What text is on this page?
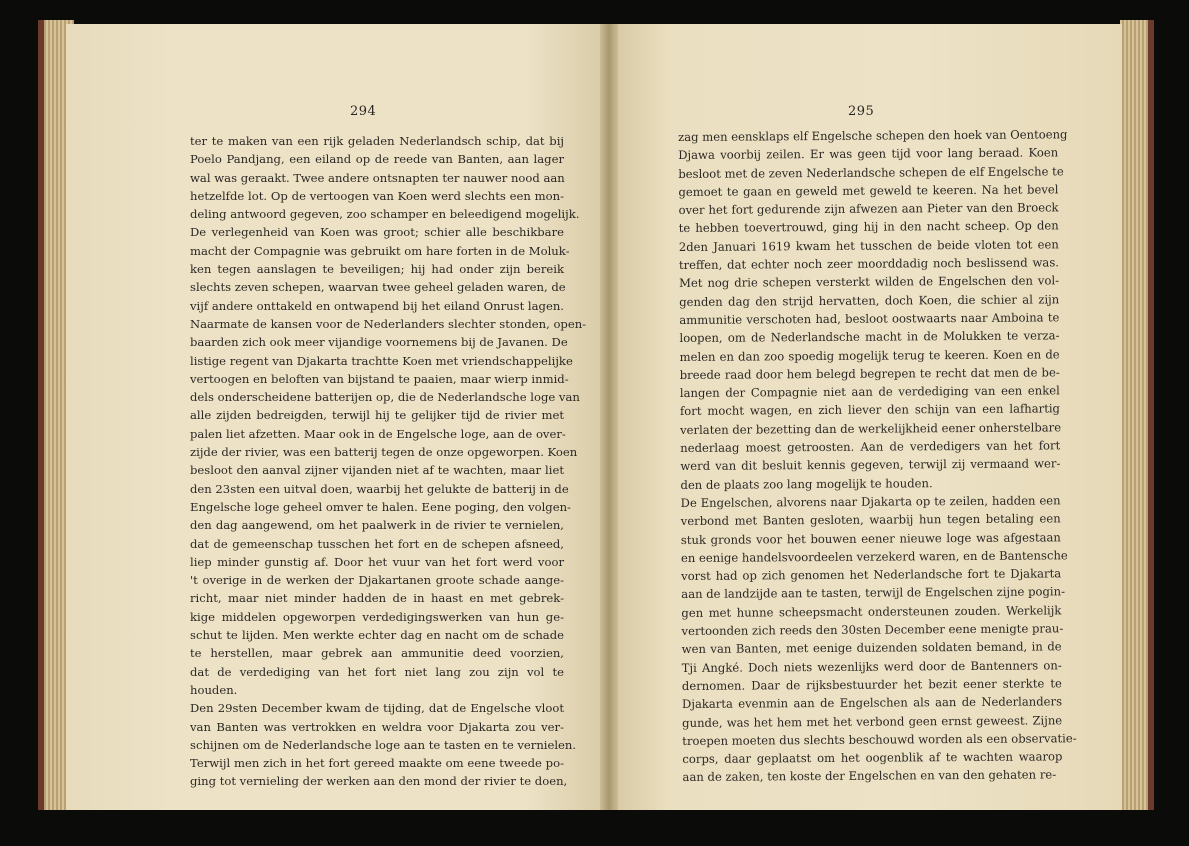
294
ter te maken van een rijk geladen Nederlandsch schip, dat bij
Poelo Pandjang, een eiland op de reede van Banten, aan lager
wal was geraakt. Twee andere ontsnapten ter nauwer nood aan
hetzelfde lot. Op de vertoogen van Koen werd slechts een mon-
deling antwoord gegeven, zoo schamper en beleedigend mogelijk.
De verlegenheid van Koen was groot; schier alle beschikbare
macht der Compagnie was gebruikt om hare forten in de Moluk-
ken tegen aanslagen te beveiligen; hij had onder zijn bereik
slechts zeven schepen, waarvan twee geheel geladen waren, de
vijf andere onttakeld en ontwapend bij het eiland Onrust lagen.
Naarmate de kansen voor de Nederlanders slechter stonden, open-
baarden zich ook meer vijandige voornemens bij de Javanen. De
listige regent van Djakarta trachtte Koen met vriendschappelijke
vertoogen en beloften van bijstand te paaien, maar wierp inmid-
dels onderscheidene batterijen op, die de Nederlandsche loge van
alle zijden bedreigden, terwijl hij te gelijker tijd de rivier met
palen liet afzetten. Maar ook in de Engelsche loge, aan de over-
zijde der rivier, was een batterij tegen de onze opgeworpen. Koen
besloot den aanval zijner vijanden niet af te wachten, maar liet
den 23sten een uitval doen, waarbij het gelukte de batterij in de
Engelsche loge geheel omver te halen. Eene poging, den volgen-
den dag aangewend, om het paalwerk in de rivier te vernielen,
dat de gemeenschap tusschen het fort en de schepen afsneed,
liep minder gunstig af. Door het vuur van het fort werd voor
't overige in de werken der Djakartanen groote schade aange-
richt, maar niet minder hadden de in haast en met gebrek-
kige middelen opgeworpen verdedigingswerken van hun ge-
schut te lijden. Men werkte echter dag en nacht om de schade
te herstellen, maar gebrek aan ammunitie deed voorzien,
dat de verdediging van het fort niet lang zou zijn vol te
houden.
Den 29sten December kwam de tijding, dat de Engelsche vloot
van Banten was vertrokken en weldra voor Djakarta zou ver-
schijnen om de Nederlandsche loge aan te tasten en te vernielen.
Terwijl men zich in het fort gereed maakte om eene tweede po-
ging tot vernieling der werken aan den mond der rivier te doen,
295
zag men eensklaps elf Engelsche schepen den hoek van Oentoeng
Djawa voorbij zeilen. Er was geen tijd voor lang beraad. Koen
besloot met de zeven Nederlandsche schepen de elf Engelsche te
gemoet te gaan en geweld met geweld te keeren. Na het bevel
over het fort gedurende zijn afwezen aan Pieter van den Broeck
te hebben toevertrouwd, ging hij in den nacht scheep. Op den
2den Januari 1619 kwam het tusschen de beide vloten tot een
treffen, dat echter noch zeer moorddadig noch beslissend was.
Met nog drie schepen versterkt wilden de Engelschen den vol-
genden dag den strijd hervatten, doch Koen, die schier al zijn
ammunitie verschoten had, besloot oostwaarts naar Amboina te
loopen, om de Nederlandsche macht in de Molukken te verza-
melen en dan zoo spoedig mogelijk terug te keeren. Koen en de
breede raad door hem belegd begrepen te recht dat men de be-
langen der Compagnie niet aan de verdediging van een enkel
fort mocht wagen, en zich liever den schijn van een lafhartig
verlaten der bezetting dan de werkelijkheid eener onherstelbare
nederlaag moest getroosten. Aan de verdedigers van het fort
werd van dit besluit kennis gegeven, terwijl zij vermaand wer-
den de plaats zoo lang mogelijk te houden.
De Engelschen, alvorens naar Djakarta op te zeilen, hadden een
verbond met Banten gesloten, waarbij hun tegen betaling een
stuk gronds voor het bouwen eener nieuwe loge was afgestaan
en eenige handelsvoordeelen verzekerd waren, en de Bantensche
vorst had op zich genomen het Nederlandsche fort te Djakarta
aan de landzijde aan te tasten, terwijl de Engelschen zijne pogin-
gen met hunne scheepsmacht ondersteunen zouden. Werkelijk
vertoonden zich reeds den 30sten December eene menigte prau-
wen van Banten, met eenige duizenden soldaten bemand, in de
Tji Angké. Doch niets wezenlijks werd door de Bantenners on-
dernomen. Daar de rijksbestuurder het bezit eener sterkte te
Djakarta evenmin aan de Engelschen als aan de Nederlanders
gunde, was het hem met het verbond geen ernst geweest. Zijne
troepen moeten dus slechts beschouwd worden als een observatie-
corps, daar geplaatst om het oogenblik af te wachten waarop
aan de zaken, ten koste der Engelschen en van den gehaten re-
